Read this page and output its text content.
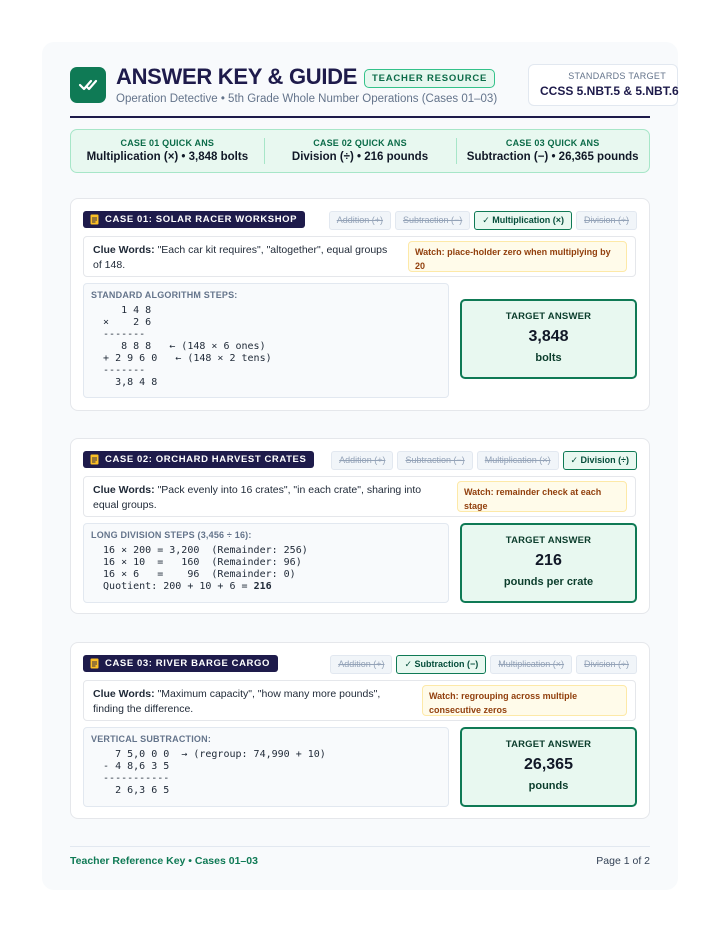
ANSWER KEY & GUIDE	TEACHER RESOURCE
Operation Detective • 5th Grade Whole Number Operations (Cases 01–03)
STANDARDS TARGET
CCSS 5.NBT.5 & 5.NBT.6
CASE 01 QUICK ANS
Multiplication (×) • 3,848 bolts
CASE 02 QUICK ANS
Division (÷) • 216 pounds
CASE 03 QUICK ANS
Subtraction (−) • 26,365 pounds
CASE 01: SOLAR RACER WORKSHOP	Addition (+)	Subtraction (−)	✓ Multiplication (×)	Division (÷)
Clue Words: "Each car kit requires", "altogether", equal groups of 148.
Watch: place-holder zero when multiplying by 20
STANDARD ALGORITHM STEPS:
1 4 8
×    2 6
-------
8 8 8   ← (148 × 6 ones)
+ 2 9 6 0   ← (148 × 2 tens)
-------
3,8 4 8
TARGET ANSWER
3,848
bolts
CASE 02: ORCHARD HARVEST CRATES	Addition (+)	Subtraction (−)	Multiplication (×)	✓ Division (÷)
Clue Words: "Pack evenly into 16 crates", "in each crate", sharing into equal groups.
Watch: remainder check at each stage
LONG DIVISION STEPS (3,456 ÷ 16):
16 × 200 = 3,200  (Remainder: 256)
16 × 10  =   160  (Remainder: 96)
16 × 6   =    96  (Remainder: 0)
Quotient: 200 + 10 + 6 = 216
TARGET ANSWER
216
pounds per crate
CASE 03: RIVER BARGE CARGO	Addition (+)	✓ Subtraction (−)	Multiplication (×)	Division (÷)
Clue Words: "Maximum capacity", "how many more pounds", finding the difference.
Watch: regrouping across multiple consecutive zeros
VERTICAL SUBTRACTION:
7 5,0 0 0  → (regroup: 74,990 + 10)
- 4 8,6 3 5
-----------
2 6,3 6 5
TARGET ANSWER
26,365
pounds
Teacher Reference Key • Cases 01–03	Page 1 of 2
